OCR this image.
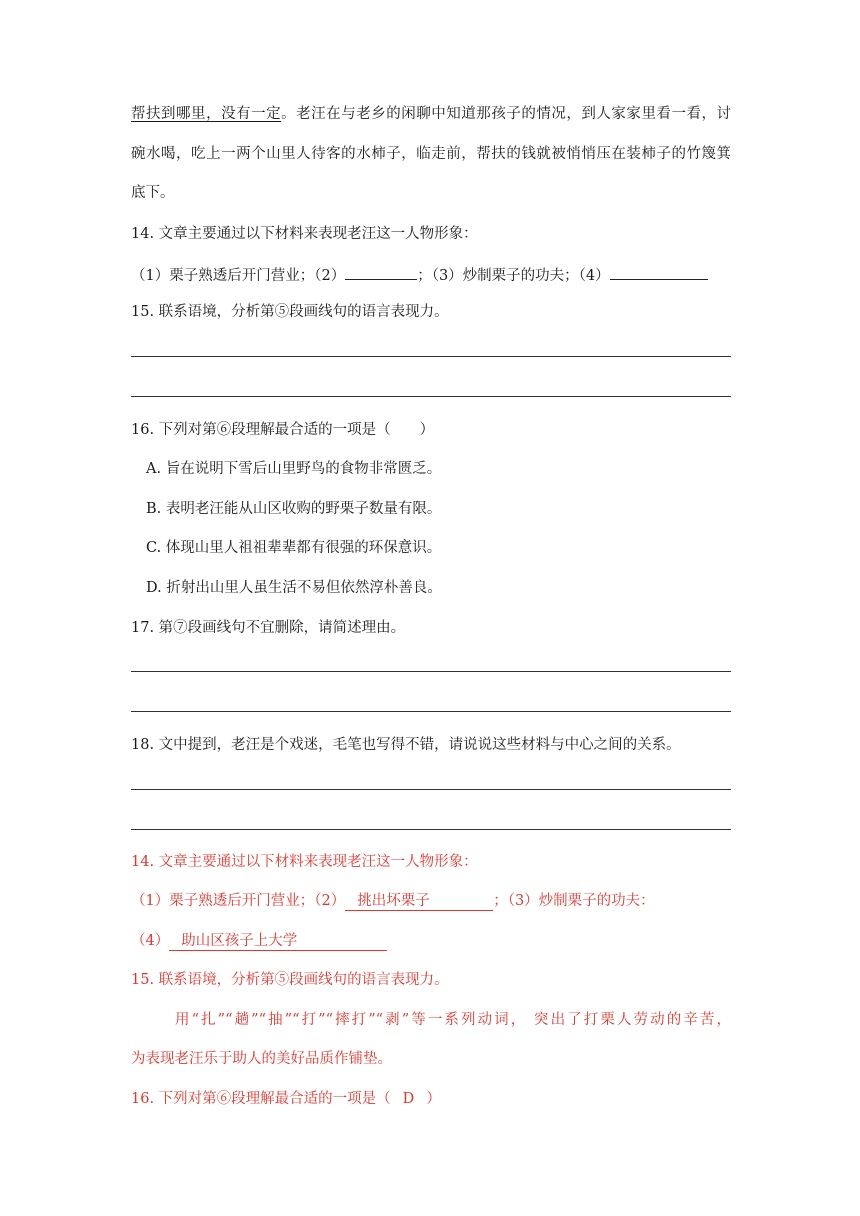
帮扶到哪里，没有一定。老汪在与老乡的闲聊中知道那孩子的情况，到人家家里看一看，讨
碗水喝，吃上一两个山里人待客的水柿子，临走前，帮扶的钱就被悄悄压在装柿子的竹篾箕
底下。
14. 文章主要通过以下材料来表现老汪这一人物形象：
（1）栗子熟透后开门营业；（2）	；（3）炒制栗子的功夫；（4）
15. 联系语境，分析第⑤段画线句的语言表现力。
16. 下列对第⑥段理解最合适的一项是（　　）
A. 旨在说明下雪后山里野鸟的食物非常匮乏。
B. 表明老汪能从山区收购的野栗子数量有限。
C. 体现山里人祖祖辈辈都有很强的环保意识。
D. 折射出山里人虽生活不易但依然淳朴善良。
17. 第⑦段画线句不宜删除，请简述理由。
18. 文中提到，老汪是个戏迷，毛笔也写得不错，请说说这些材料与中心之间的关系。
14. 文章主要通过以下材料来表现老汪这一人物形象：
（1）栗子熟透后开门营业；（2） 挑出坏栗子	；（3）炒制栗子的功夫：
（4） 助山区孩子上大学
15. 联系语境，分析第⑤段画线句的语言表现力。
用“扎”“趟”“抽”“打”“摔打”“剥”等一系列动词， 突出了打栗人劳动的辛苦，
为表现老汪乐于助人的美好品质作铺垫。
16. 下列对第⑥段理解最合适的一项是（ D ）
